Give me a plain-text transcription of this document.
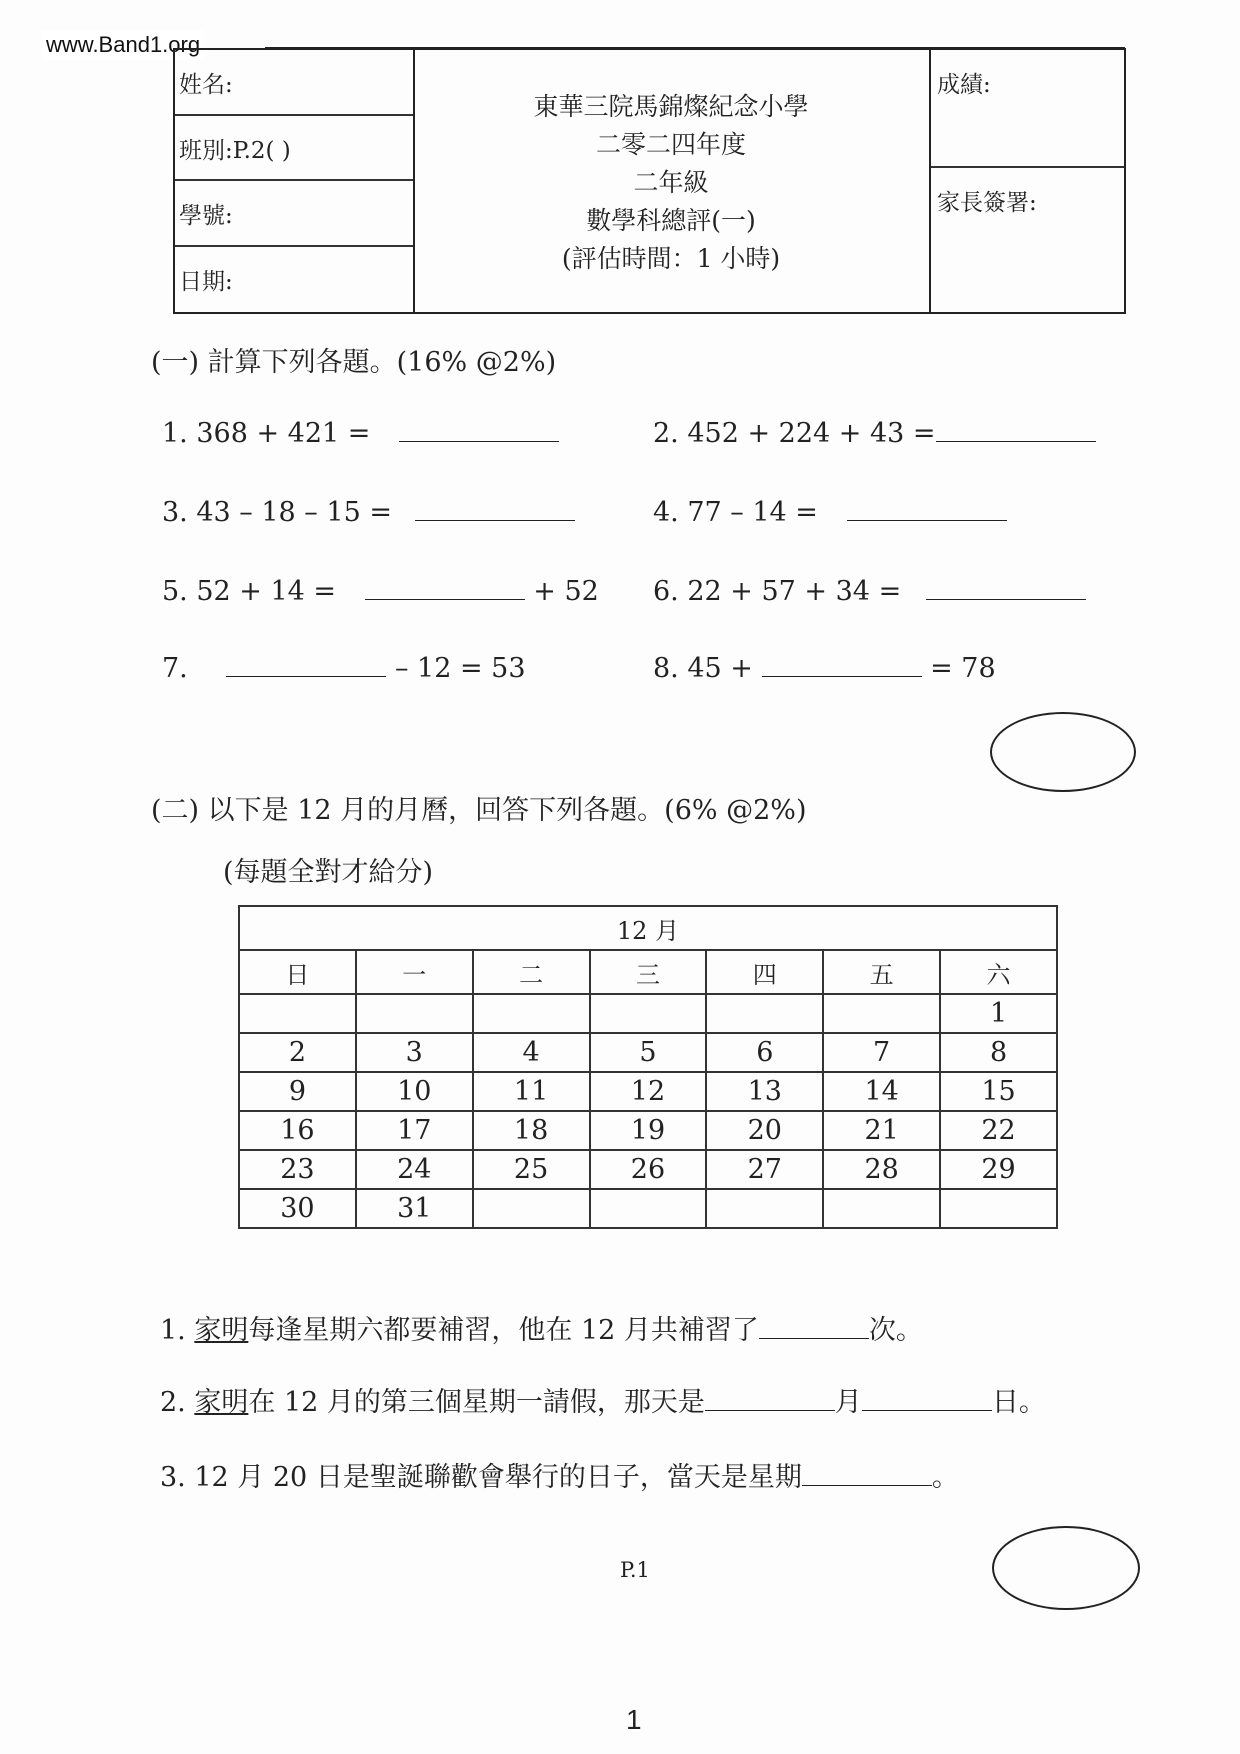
www.Band1.org
姓名:
班別:P.2( )
學號:
日期:
東華三院馬錦燦紀念小學
二零二四年度
二年級
數學科總評(一)
(評估時間：1 小時)
成績:
家長簽署:
(一) 計算下列各題。(16% @2%)
1. 368 + 421 =	2. 452 + 224 + 43 =
3. 43 – 18 – 15 =	4. 77 – 14 =
5. 52 + 14 =	+ 52 6. 22 + 57 + 34 =
7.	– 12 = 53	8. 45 +	= 78
(二) 以下是 12 月的月曆，回答下列各題。(6% @2%)
(每題全對才給分)
12 月						
日	一	二	三	四	五	六
						1
2	3	4	5	6	7	8
9	10	11	12	13	14	15
16	17	18	19	20	21	22
23	24	25	26	27	28	29
30	31					
1. 家明每逢星期六都要補習，他在 12 月共補習了	次。
2. 家明在 12 月的第三個星期一請假，那天是	月	日。
3. 12 月 20 日是聖誕聯歡會舉行的日子，當天是星期	。
P.1
1
